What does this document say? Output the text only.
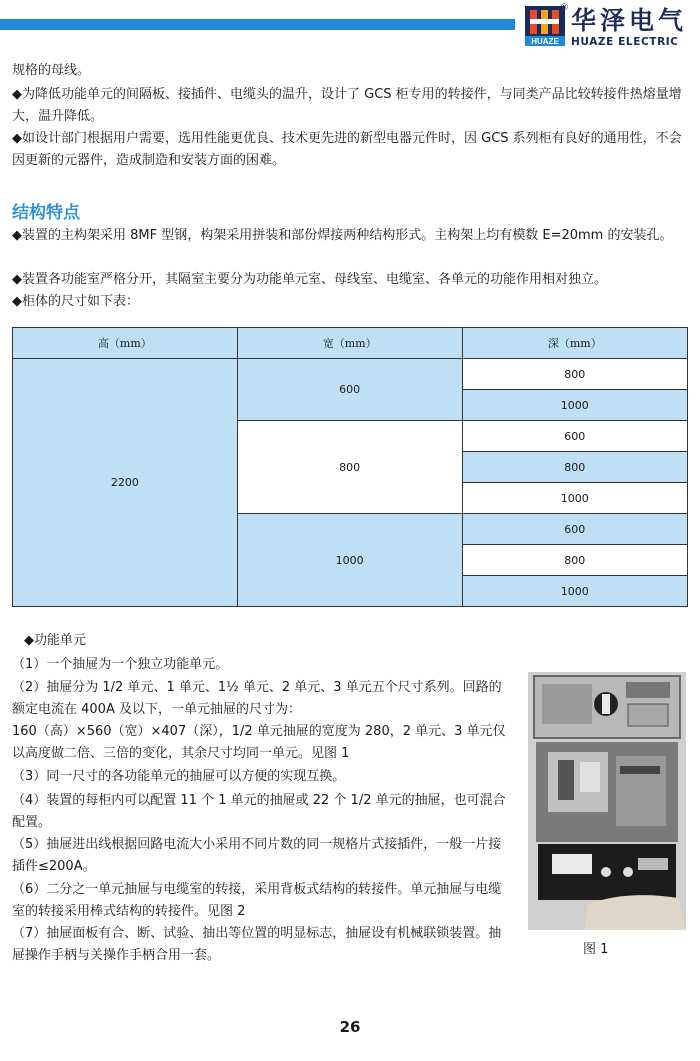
HUAZE
® 华泽电气
HUAZE ELECTRIC

规格的母线。

◆为降低功能单元的间隔板、接插件、电缆头的温升，设计了 GCS 柜专用的转接件，与同类产品比较转接件热熔量增大，温升降低。

◆如设计部门根据用户需要，选用性能更优良、技术更先进的新型电器元件时，因 GCS 系列柜有良好的通用性，不会因更新的元器件，造成制造和安装方面的困难。

结构特点

◆装置的主构架采用 8MF 型钢，构架采用拼装和部份焊接两种结构形式。主构架上均有模数 E=20mm 的安装孔。

◆装置各功能室严格分开，其隔室主要分为功能单元室、母线室、电缆室、各单元的功能作用相对独立。

◆柜体的尺寸如下表：

高（mm）	宽（mm）	深（mm）
2200	600	800
		1000
	800	600
		800
		1000
	1000	600
		800
		1000

◆功能单元

（1）一个抽屉为一个独立功能单元。

（2）抽屉分为 1/2 单元、1 单元、1½ 单元、2 单元、3 单元五个尺寸系列。回路的额定电流在 400A 及以下，一单元抽屉的尺寸为：

160（高）×560（宽）×407（深），1/2 单元抽屉的宽度为 280，2 单元、3 单元仅以高度做二倍、三倍的变化，其余尺寸均同一单元。见图 1

（3）同一尺寸的各功能单元的抽屉可以方便的实现互换。

（4）装置的每柜内可以配置 11 个 1 单元的抽屉或 22 个 1/2 单元的抽屉，也可混合配置。

（5）抽屉进出线根据回路电流大小采用不同片数的同一规格片式接插件，一般一片接插件≤200A。

（6）二分之一单元抽屉与电缆室的转接，采用背板式结构的转接件。单元抽屉与电缆室的转接采用棒式结构的转接件。见图 2

（7）抽屉面板有合、断、试验、抽出等位置的明显标志，抽屉设有机械联锁装置。抽屉操作手柄与关操作手柄合用一套。	图 1
26
